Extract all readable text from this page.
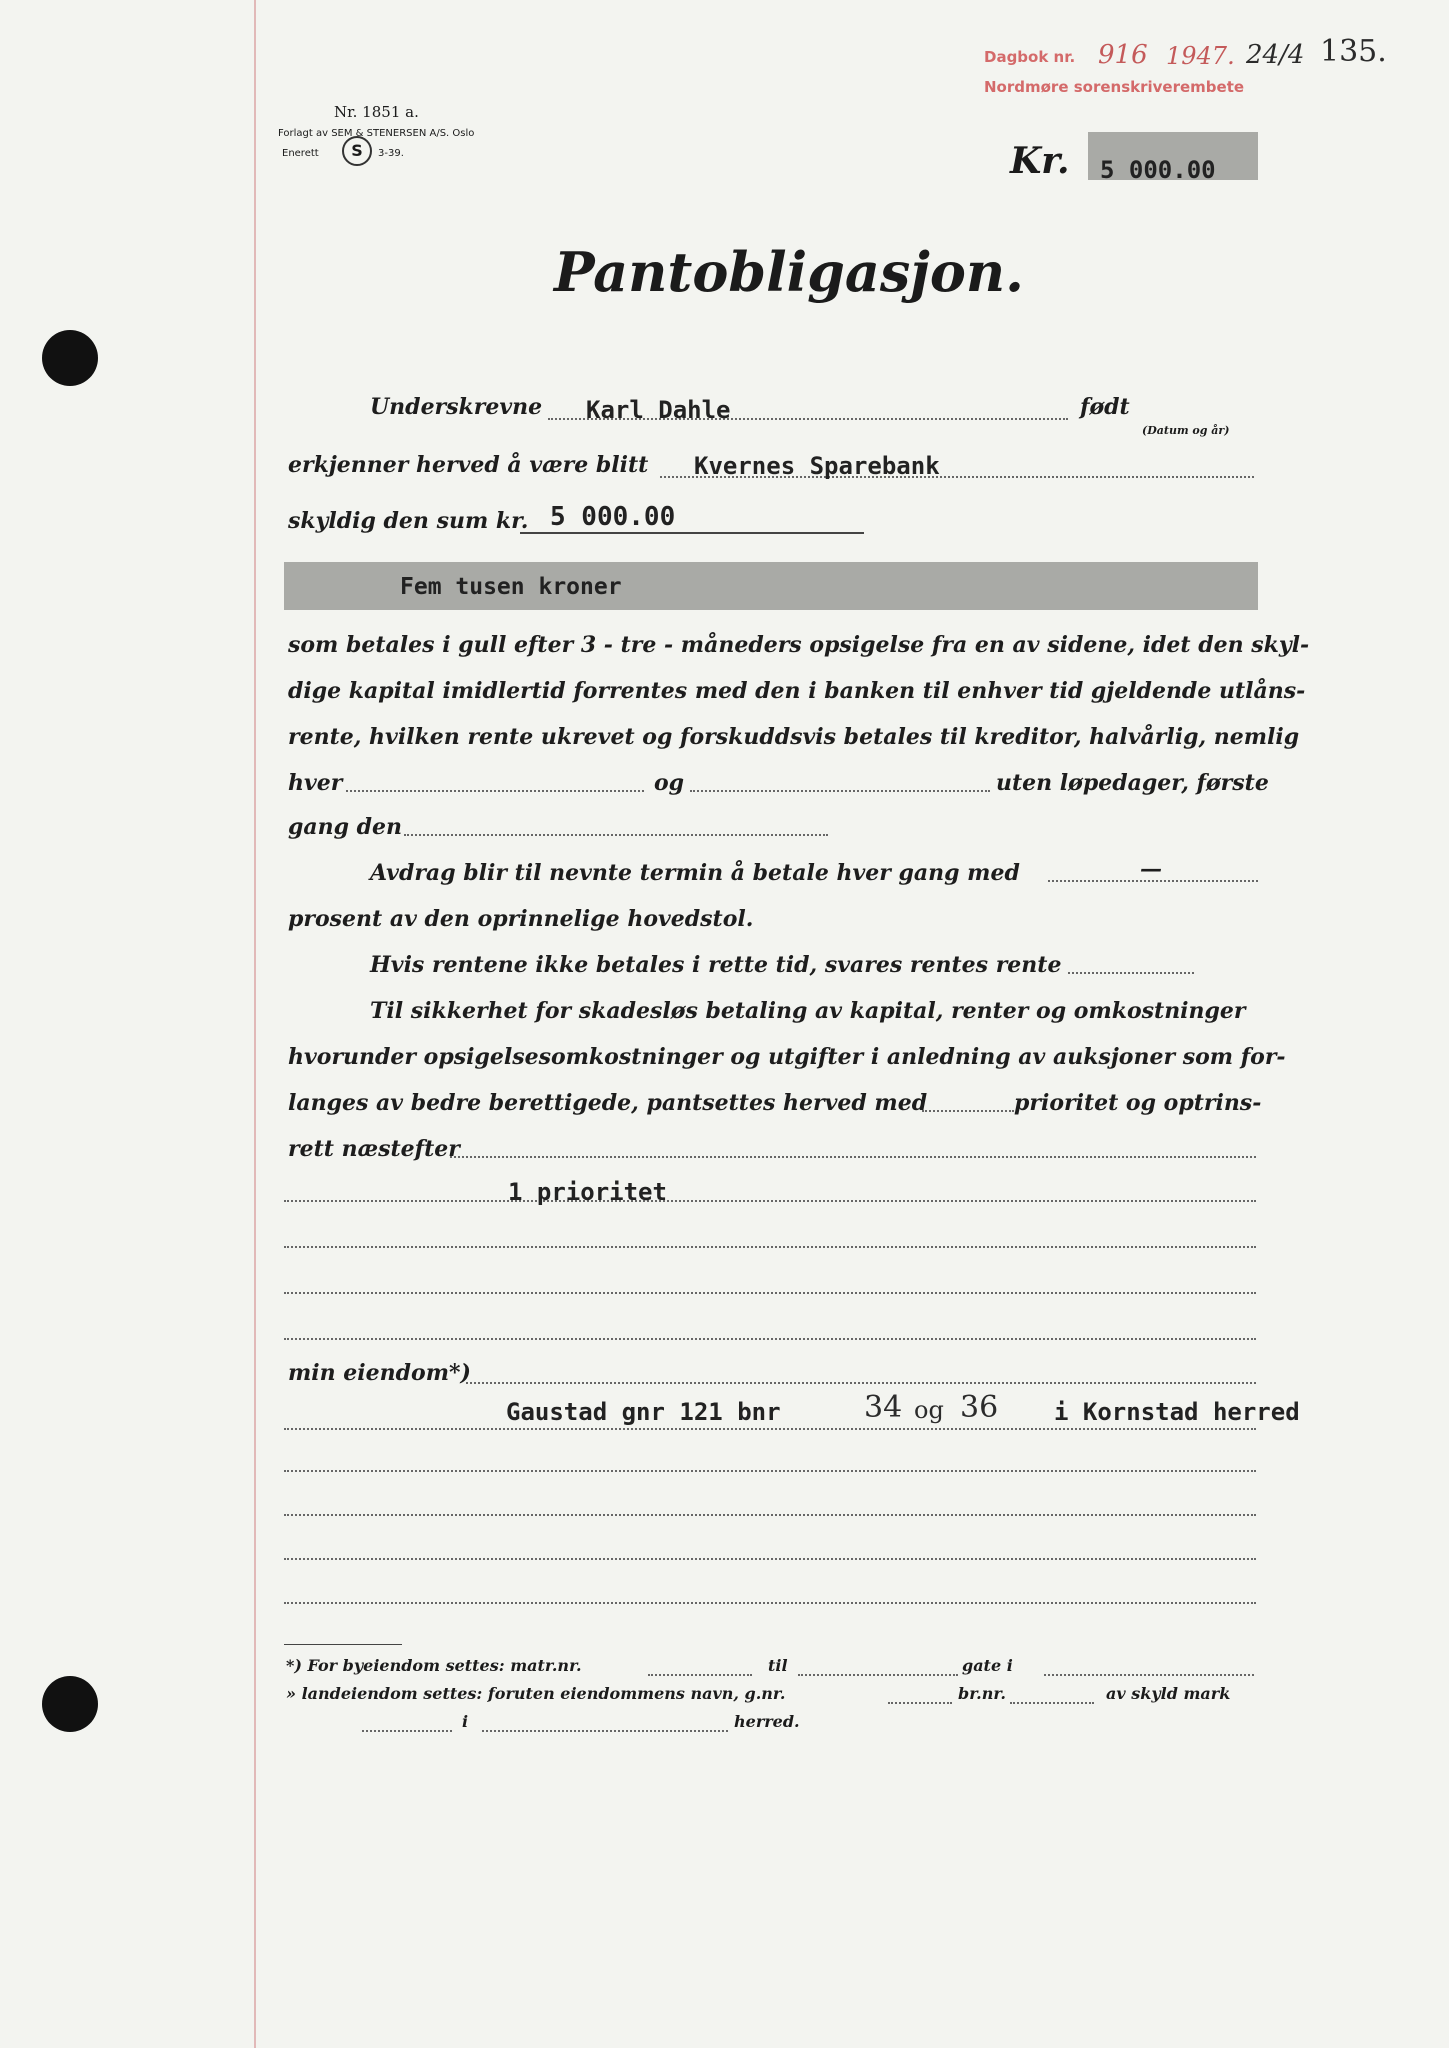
Nr. 1851 a.
Forlagt av SEM & STENERSEN A/S. Oslo
Enerett	S	3-39.
Dagbok nr. 916 1947. 24/4 135.
Nordmøre sorenskriverembete
Kr. 5 000.00
Pantobligasjon.
Underskrevne Karl Dahle	født
(Datum og år)
erkjenner herved å være blitt Kvernes Sparebank
skyldig den sum kr. 5 000.00
Fem tusen kroner
som betales i gull efter 3 - tre - måneders opsigelse fra en av sidene, idet den skyl-
dige kapital imidlertid forrentes med den i banken til enhver tid gjeldende utlåns-
rente, hvilken rente ukrevet og forskuddsvis betales til kreditor, halvårlig, nemlig
hver	og	uten løpedager, første
gang den
Avdrag blir til nevnte termin å betale hver gang med	—
prosent av den oprinnelige hovedstol.
Hvis rentene ikke betales i rette tid, svares rentes rente
Til sikkerhet for skadesløs betaling av kapital, renter og omkostninger
hvorunder opsigelsesomkostninger og utgifter i anledning av auksjoner som for-
langes av bedre berettigede, pantsettes herved med	prioritet og optrins-
rett næstefter
1 prioritet
min eiendom*)
Gaustad gnr 121 bnr	34 og 36 i Kornstad herred
*) For byeiendom settes: matr.nr.	til	gate i
» landeiendom settes: foruten eiendommens navn, g.nr.	br.nr.	av skyld mark
i	herred.
